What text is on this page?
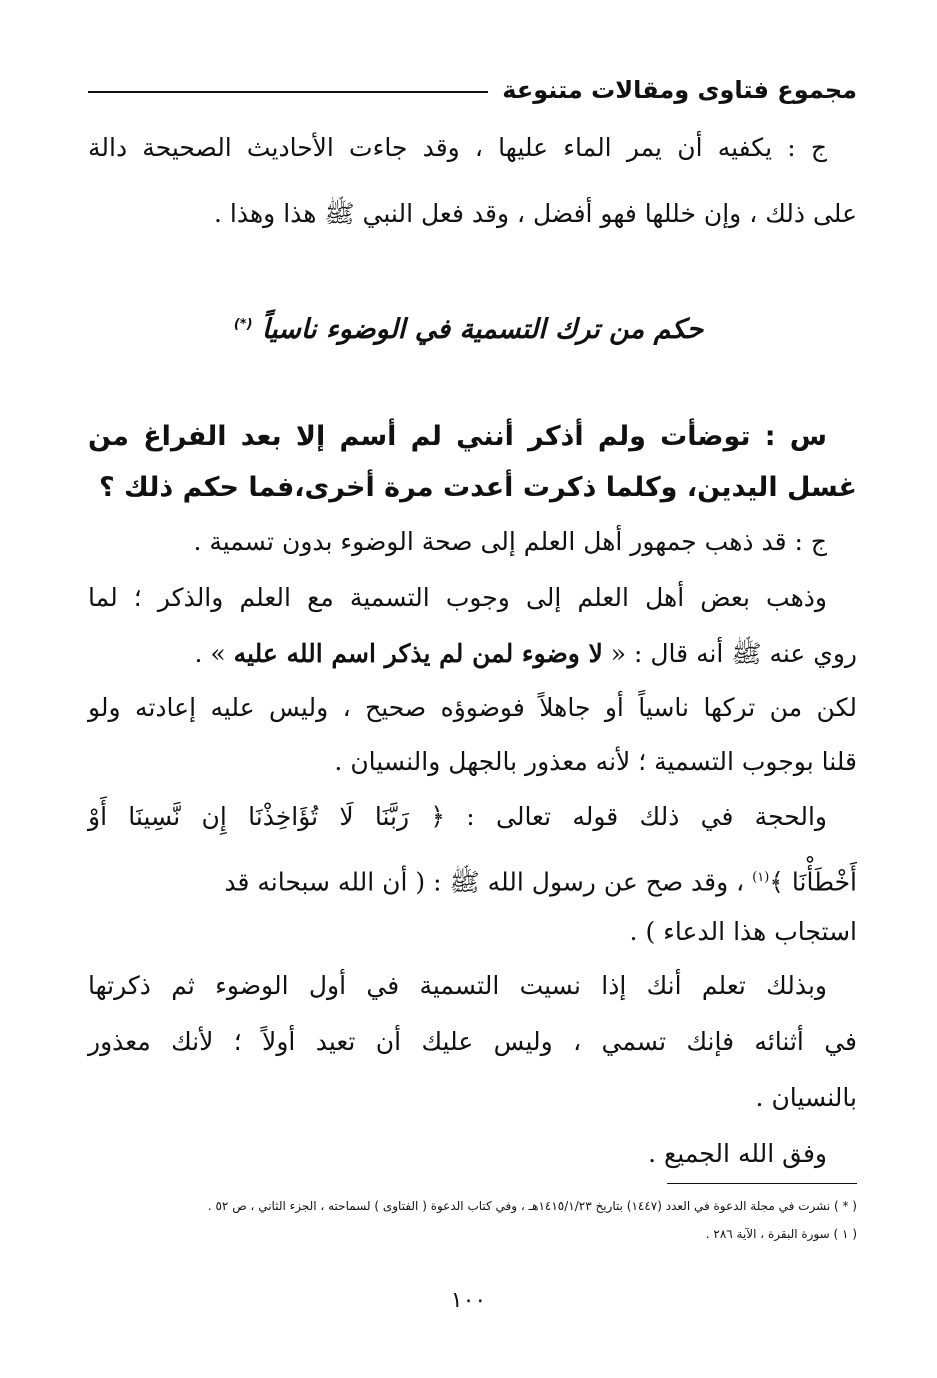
مجموع فتاوى ومقالات متنوعة

ج : يكفيه أن يمر الماء عليها ، وقد جاءت الأحاديث الصحيحة دالة

على ذلك ، وإن خللها فهو أفضل ، وقد فعل النبي ﷺ هذا وهذا .

حكم من ترك التسمية في الوضوء ناسياً (*)

س : توضأت ولم أذكر أنني لم أسم إلا بعد الفراغ من

غسل اليدين، وكلما ذكرت أعدت مرة أخرى،فما حكم ذلك ؟

ج : قد ذهب جمهور أهل العلم إلى صحة الوضوء بدون تسمية .

وذهب بعض أهل العلم إلى وجوب التسمية مع العلم والذكر ؛ لما

روي عنه ﷺ أنه قال : « لا وضوء لمن لم يذكر اسم الله عليه » .

لكن من تركها ناسياً أو جاهلاً فوضوؤه صحيح ، وليس عليه إعادته ولو

قلنا بوجوب التسمية ؛ لأنه معذور بالجهل والنسيان .

والحجة في ذلك قوله تعالى : ﴿ رَبَّنَا لَا تُؤَاخِذْنَا إِن نَّسِينَا أَوْ

أَخْطَأْنَا ﴾$^{(١)}$ ، وقد صح عن رسول الله ﷺ : ( أن الله سبحانه قد

استجاب هذا الدعاء ) .

وبذلك تعلم أنك إذا نسيت التسمية في أول الوضوء ثم ذكرتها

في أثنائه فإنك تسمي ، وليس عليك أن تعيد أولاً ؛ لأنك معذور

بالنسيان .

وفق الله الجميع .

( * ) نشرت في مجلة الدعوة في العدد (١٤٤٧) بتاريخ ١٤١٥/١/٢٣هـ ، وفي كتاب الدعوة ( الفتاوى ) لسماحته ، الجزء الثاني ، ص ٥٢ .

( ١ ) سورة البقرة ، الآية ٢٨٦ .

١٠٠
